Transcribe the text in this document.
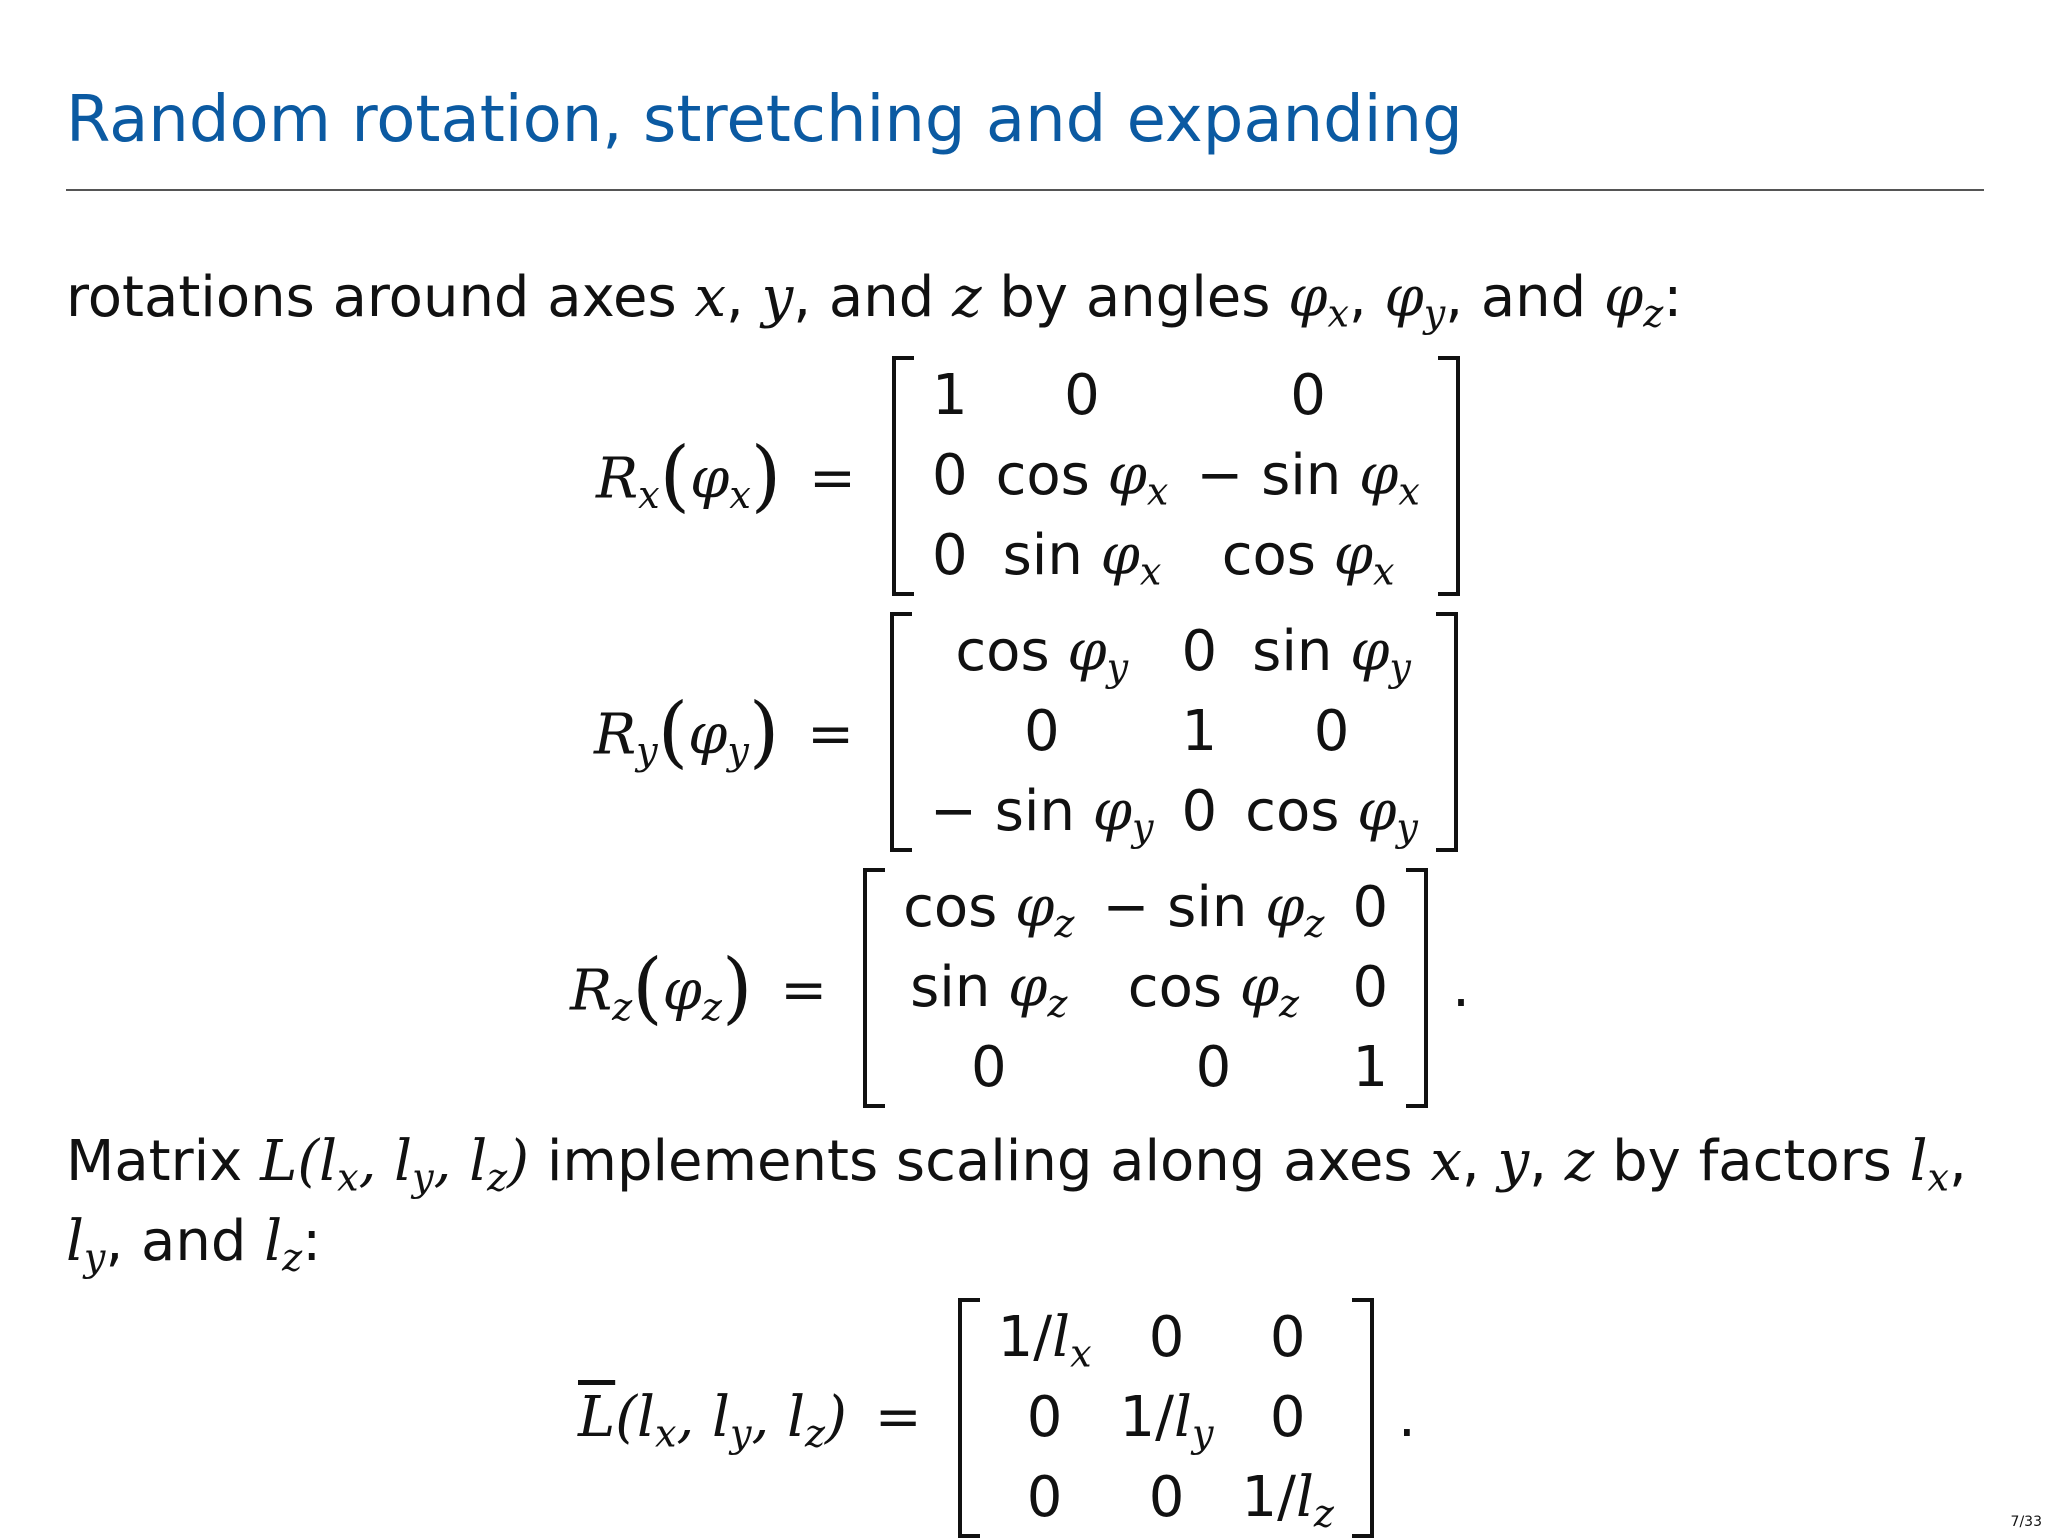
Random rotation, stretching and expanding
rotations around axes x, y, and z by angles $\varphi_x$, $\varphi_y$, and $\varphi_z$:
$R_x(\varphi_x)$ =
1	0	0
0	$\cos \varphi_x$	− $\sin \varphi_x$
0	$\sin \varphi_x$	$\cos \varphi_x$
$R_y(\varphi_y)$ =
$\cos \varphi_y$	0	$\sin \varphi_y$
0	1	0
− $\sin \varphi_y$	0	$\cos \varphi_y$
$R_z(\varphi_z)$ =
$\cos \varphi_z$	− $\sin \varphi_z$	0
$\sin \varphi_z$	$\cos \varphi_z$	0
0	0	1
.
Matrix $L(l_x$, $l_y$, $l_z$) implements scaling along axes x, y, z by factors $l_x$,
$l_y$, and $l_z$:
$\overline{L}(l_x$, $l_y$, $l_z$) =
$1/l_x$	0	0
0	$1/l_y$	0
0	0	$1/l_z$
.
7/33
